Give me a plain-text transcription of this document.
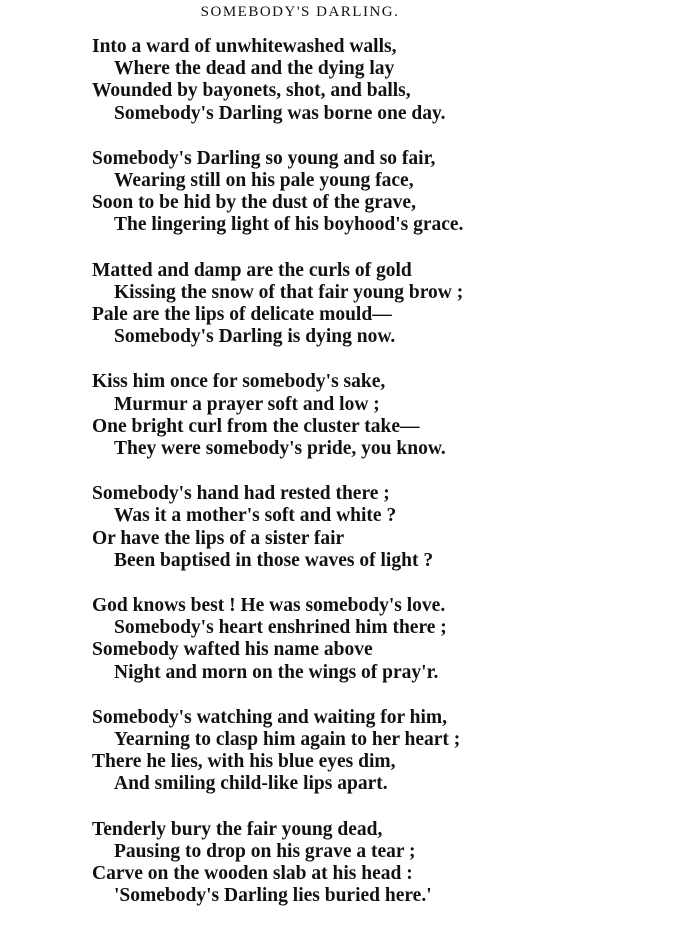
SOMEBODY'S DARLING.
Into a ward of unwhitewashed walls,
Where the dead and the dying lay
Wounded by bayonets, shot, and balls,
Somebody's Darling was borne one day.
Somebody's Darling so young and so fair,
Wearing still on his pale young face,
Soon to be hid by the dust of the grave,
The lingering light of his boyhood's grace.
Matted and damp are the curls of gold
Kissing the snow of that fair young brow ;
Pale are the lips of delicate mould—
Somebody's Darling is dying now.
Kiss him once for somebody's sake,
Murmur a prayer soft and low ;
One bright curl from the cluster take—
They were somebody's pride, you know.
Somebody's hand had rested there ;
Was it a mother's soft and white ?
Or have the lips of a sister fair
Been baptised in those waves of light ?
God knows best ! He was somebody's love.
Somebody's heart enshrined him there ;
Somebody wafted his name above
Night and morn on the wings of pray'r.
Somebody's watching and waiting for him,
Yearning to clasp him again to her heart ;
There he lies, with his blue eyes dim,
And smiling child-like lips apart.
Tenderly bury the fair young dead,
Pausing to drop on his grave a tear ;
Carve on the wooden slab at his head :
'Somebody's Darling lies buried here.'
